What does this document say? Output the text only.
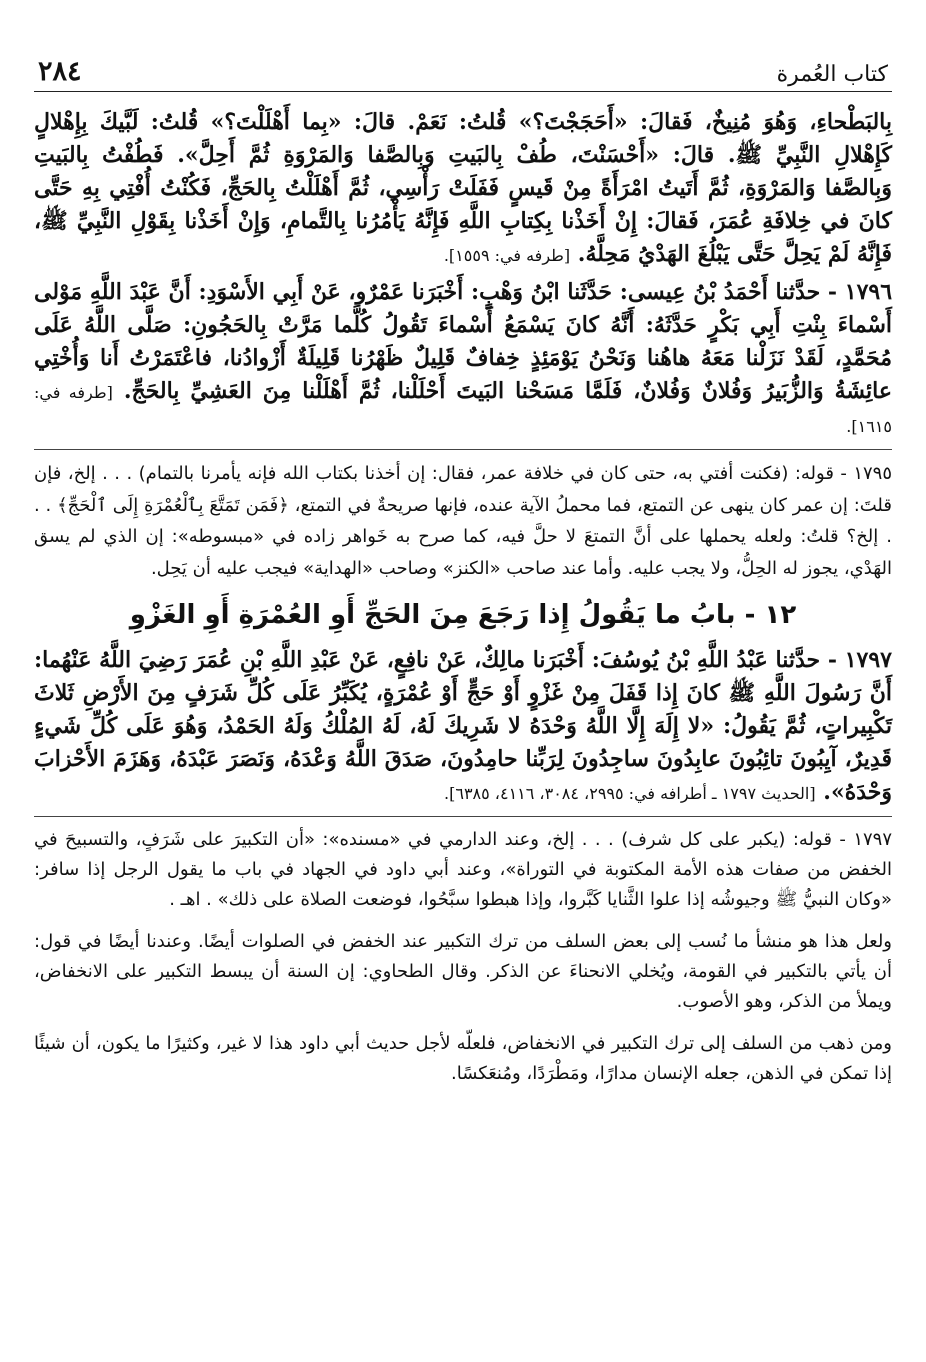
كتاب العُمرة
٢٨٤

بِالبَطْحاءِ، وَهُوَ مُنِيخٌ، فَقالَ: «أَحَجَجْتَ؟» قُلتُ: نَعَمْ. قالَ: «بِما أَهْلَلْتَ؟» قُلتُ: لَبَّيكَ بِإِهْلالٍ كَإِهْلالِ النَّبِيِّ ﷺ. قالَ: «أَحْسَنْتَ، طُفْ بِالبَيتِ وَبِالصَّفا وَالمَرْوَةِ ثُمَّ أَحِلَّ». فَطُفْتُ بِالبَيتِ وَبِالصَّفا وَالمَرْوَةِ، ثُمَّ أَتَيتُ امْرَأَةً مِنْ قَيسٍ فَفَلَتْ رَأْسِي، ثُمَّ أَهْلَلْتُ بِالحَجِّ، فَكُنْتُ أُفْتِي بِهِ حَتَّى كانَ في خِلافَةِ عُمَرَ، فَقالَ: إِنْ أَخَذْنا بِكِتابِ اللَّهِ فَإِنَّهُ يَأْمُرُنا بِالتَّمامِ، وَإِنْ أَخَذْنا بِقَوْلِ النَّبِيِّ ﷺ، فَإِنَّهُ لَمْ يَحِلَّ حَتَّى يَبْلُغَ الهَدْيُ مَحِلَّهُ. [طرفه في: ١٥٥٩].

١٧٩٦ - حدَّثنا أَحْمَدُ بْنُ عِيسى: حَدَّثَنا ابْنُ وَهْبٍ: أَخْبَرَنا عَمْرٌو، عَنْ أَبِي الأَسْوَدِ: أَنَّ عَبْدَ اللَّهِ مَوْلى أَسْماءَ بِنْتِ أَبِي بَكْرٍ حَدَّثَهُ: أَنَّهُ كانَ يَسْمَعُ أَسْماءَ تَقُولُ كُلَّما مَرَّتْ بِالحَجُونِ: صَلَّى اللَّهُ عَلَى مُحَمَّدٍ، لَقَدْ نَزَلْنا مَعَهُ هاهُنا وَنَحْنُ يَوْمَئِذٍ خِفافٌ قَلِيلٌ ظَهْرُنا قَلِيلَةٌ أَزْوادُنا، فاعْتَمَرْتُ أَنا وَأُخْتِي عائِشَةُ وَالزُّبَيرُ وَفُلانٌ وَفُلانٌ، فَلَمَّا مَسَحْنا البَيتَ أَحْلَلْنا، ثُمَّ أَهْلَلْنا مِنَ العَشِيِّ بِالحَجِّ. [طرفه في: ١٦١٥].

١٧٩٥ - قوله: (فكنت أفتي به، حتى كان في خلافة عمر، فقال: إن أخذنا بكتاب الله فإنه يأمرنا بالتمام) . . . إلخ، فإن قلتَ: إن عمر كان ينهى عن التمتع، فما محملُ الآية عنده، فإنها صريحةٌ في التمتع، ﴿فَمَن تَمَتَّعَ بِٱلْعُمْرَةِ إِلَى ٱلْحَجِّ﴾ . . . إلخ؟ قلتُ: ولعله يحملها على أنَّ التمتعَ لا حلَّ فيه، كما صرح به خَواهر زاده في «مبسوطه»: إن الذي لم يسق الهَدْي، يجوز له الحِلُّ، ولا يجب عليه. وأما عند صاحب «الكنز» وصاحب «الهداية» فيجب عليه أن يَحِل.

١٢ - بابُ ما يَقُولُ إِذا رَجَعَ مِنَ الحَجِّ أَوِ العُمْرَةِ أَوِ الغَزْوِ

١٧٩٧ - حدَّثنا عَبْدُ اللَّهِ بْنُ يُوسُفَ: أَخْبَرَنا مالِكٌ، عَنْ نافِعٍ، عَنْ عَبْدِ اللَّهِ بْنِ عُمَرَ رَضِيَ اللَّهُ عَنْهُما: أَنَّ رَسُولَ اللَّهِ ﷺ كانَ إِذا قَفَلَ مِنْ غَزْوٍ أَوْ حَجٍّ أَوْ عُمْرَةٍ، يُكَبِّرُ عَلَى كُلِّ شَرَفٍ مِنَ الأَرْضِ ثَلاثَ تَكْبِيراتٍ، ثُمَّ يَقُولُ: «لا إِلَهَ إِلَّا اللَّهُ وَحْدَهُ لا شَرِيكَ لَهُ، لَهُ المُلْكُ وَلَهُ الحَمْدُ، وَهُوَ عَلَى كُلِّ شَيءٍ قَدِيرٌ، آيِبُونَ تائِبُونَ عابِدُونَ ساجِدُونَ لِرَبِّنا حامِدُونَ، صَدَقَ اللَّهُ وَعْدَهُ، وَنَصَرَ عَبْدَهُ، وَهَزَمَ الأَحْزابَ وَحْدَهُ». [الحديث ١٧٩٧ ـ أطرافه في: ٢٩٩٥، ٣٠٨٤، ٤١١٦، ٦٣٨٥].

١٧٩٧ - قوله: (يكبر على كل شرف) . . . إلخ، وعند الدارمي في «مسنده»: «أن التكبيرَ على شَرَفٍ، والتسبيحَ في الخفض من صفات هذه الأمة المكتوبة في التوراة»، وعند أبي داود في الجهاد في باب ما يقول الرجل إذا سافر: «وكان النبيُّ ﷺ وجيوشُه إذا علوا الثَّنايا كَبَّروا، وإذا هبطوا سبَّحُوا، فوضعت الصلاة على ذلك» . اهـ .

ولعل هذا هو منشأ ما نُسب إلى بعض السلف من ترك التكبير عند الخفض في الصلوات أيضًا. وعندنا أيضًا في قول: أن يأتي بالتكبير في القومة، ويُخلي الانحناءَ عن الذكر. وقال الطحاوي: إن السنة أن يبسط التكبير على الانخفاض، ويملأ من الذكر، وهو الأصوب.

ومن ذهب من السلف إلى ترك التكبير في الانخفاض، فلعلّه لأجل حديث أبي داود هذا لا غير، وكثيرًا ما يكون، أن شيئًا إذا تمكن في الذهن، جعله الإنسان مدارًا، ومَطْرَدًا، ومُنعَكسًا.
